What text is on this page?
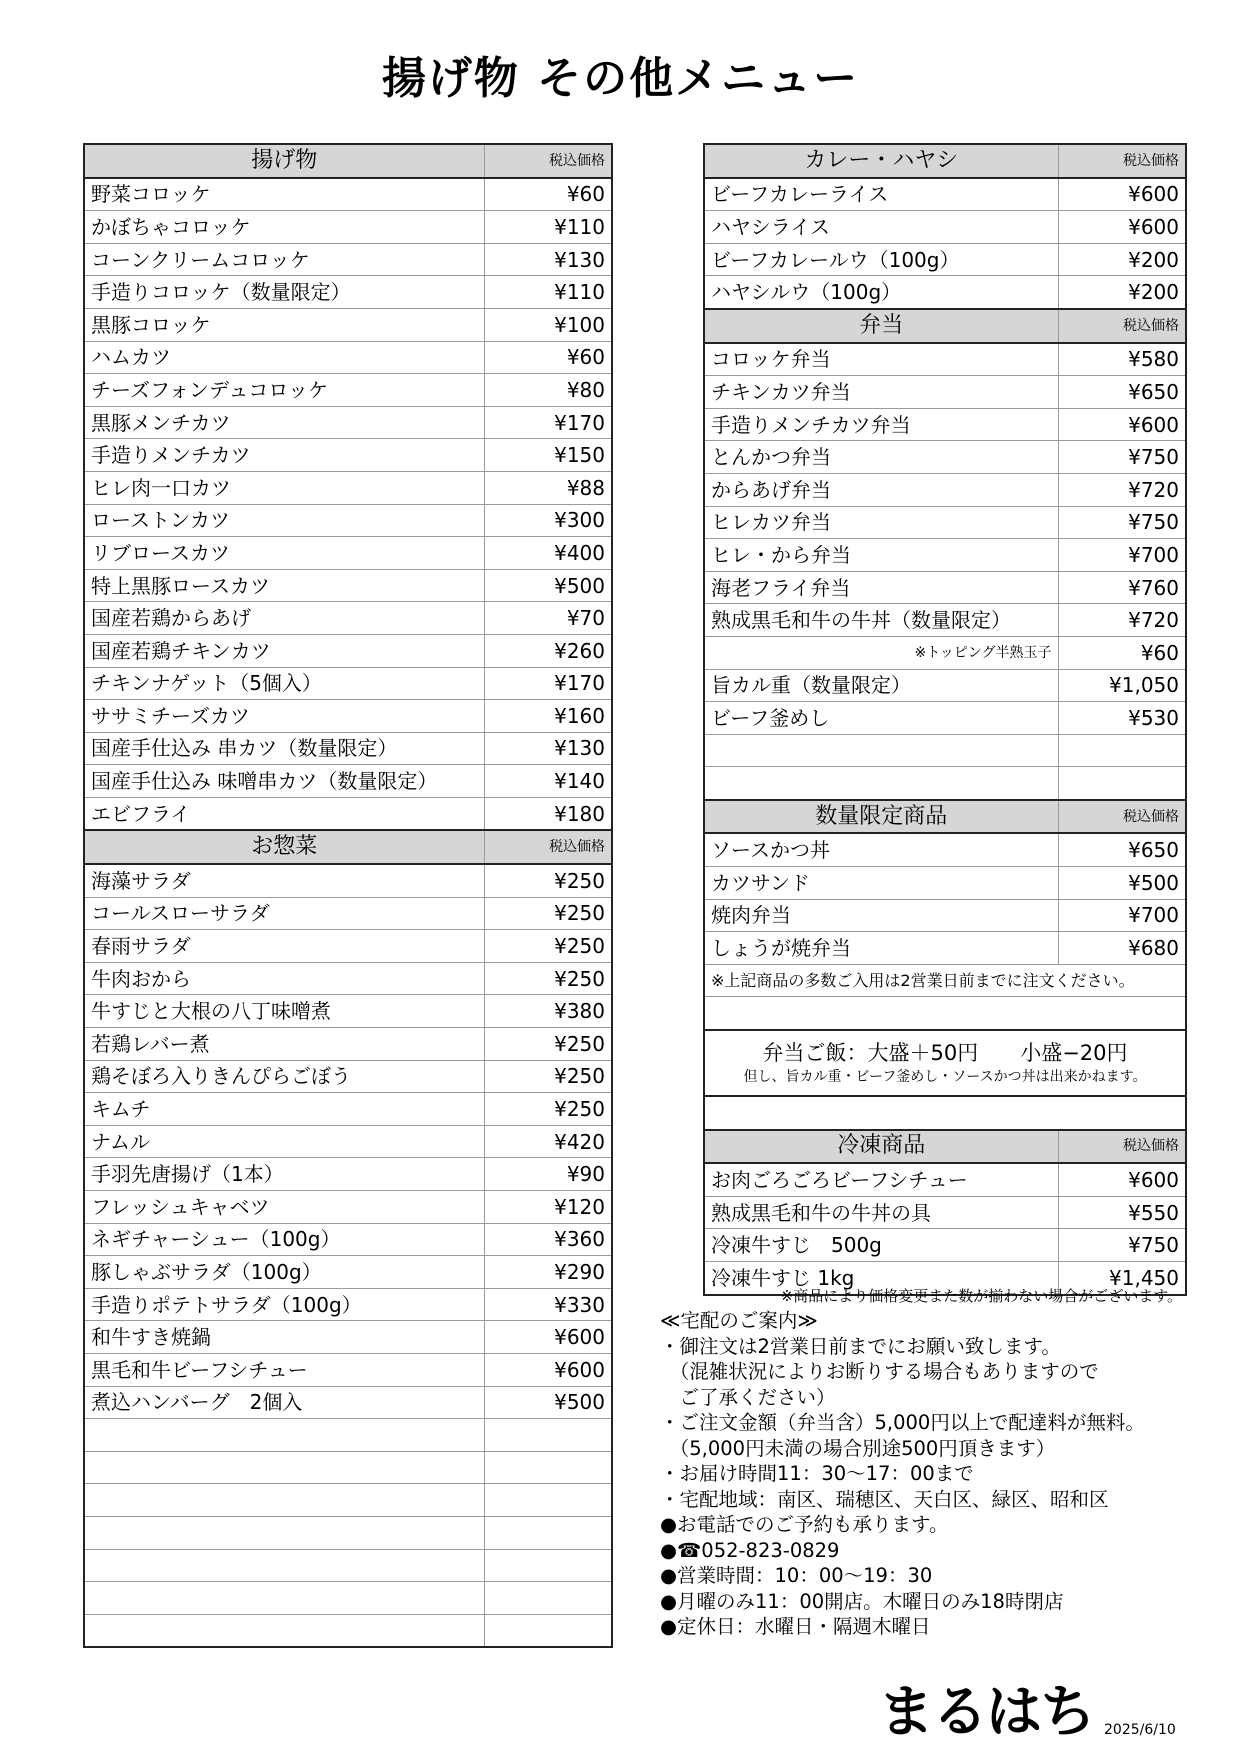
揚げ物 その他メニュー
揚げ物	税込価格
野菜コロッケ	¥60
かぼちゃコロッケ	¥110
コーンクリームコロッケ	¥130
手造りコロッケ（数量限定）	¥110
黒豚コロッケ	¥100
ハムカツ	¥60
チーズフォンデュコロッケ	¥80
黒豚メンチカツ	¥170
手造りメンチカツ	¥150
ヒレ肉一口カツ	¥88
ローストンカツ	¥300
リブロースカツ	¥400
特上黒豚ロースカツ	¥500
国産若鶏からあげ	¥70
国産若鶏チキンカツ	¥260
チキンナゲット（5個入）	¥170
ササミチーズカツ	¥160
国産手仕込み 串カツ（数量限定）	¥130
国産手仕込み 味噌串カツ（数量限定）	¥140
エビフライ	¥180
お惣菜	税込価格
海藻サラダ	¥250
コールスローサラダ	¥250
春雨サラダ	¥250
牛肉おから	¥250
牛すじと大根の八丁味噌煮	¥380
若鶏レバー煮	¥250
鶏そぼろ入りきんぴらごぼう	¥250
キムチ	¥250
ナムル	¥420
手羽先唐揚げ（1本）	¥90
フレッシュキャベツ	¥120
ネギチャーシュー（100g）	¥360
豚しゃぶサラダ（100g）	¥290
手造りポテトサラダ（100g）	¥330
和牛すき焼鍋	¥600
黒毛和牛ビーフシチュー	¥600
煮込ハンバーグ　2個入	¥500

カレー・ハヤシ	税込価格
ビーフカレーライス	¥600
ハヤシライス	¥600
ビーフカレールウ（100g）	¥200
ハヤシルウ（100g）	¥200
弁当	税込価格
コロッケ弁当	¥580
チキンカツ弁当	¥650
手造りメンチカツ弁当	¥600
とんかつ弁当	¥750
からあげ弁当	¥720
ヒレカツ弁当	¥750
ヒレ・から弁当	¥700
海老フライ弁当	¥760
熟成黒毛和牛の牛丼（数量限定）	¥720
※トッピング半熟玉子	¥60
旨カル重（数量限定）	¥1,050
ビーフ釜めし	¥530

数量限定商品	税込価格
ソースかつ丼	¥650
カツサンド	¥500
焼肉弁当	¥700
しょうが焼弁当	¥680
※上記商品の多数ご入用は2営業日前までに注文ください。	

弁当ご飯：大盛＋50円　　小盛−20円
但し、旨カル重・ビーフ釜めし・ソースかつ丼は出来かねます。	

冷凍商品	税込価格
お肉ごろごろビーフシチュー	¥600
熟成黒毛和牛の牛丼の具	¥550
冷凍牛すじ　500g	¥750
冷凍牛すじ 1kg	¥1,450
※商品により価格変更また数が揃わない場合がございます。
≪宅配のご案内≫
・御注文は2営業日前までにお願い致します。
　（混雑状況によりお断りする場合もありますので
　ご了承ください）
・ご注文金額（弁当含）5,000円以上で配達料が無料。
　（5,000円未満の場合別途500円頂きます）
・お届け時間11：30〜17：00まで
・宅配地域：南区、瑞穂区、天白区、緑区、昭和区
●お電話でのご予約も承ります。
●☎052-823-0829
●営業時間：10：00〜19：30
●月曜のみ11：00開店。木曜日のみ18時閉店
●定休日：水曜日・隔週木曜日
まるはち 2025/6/10
